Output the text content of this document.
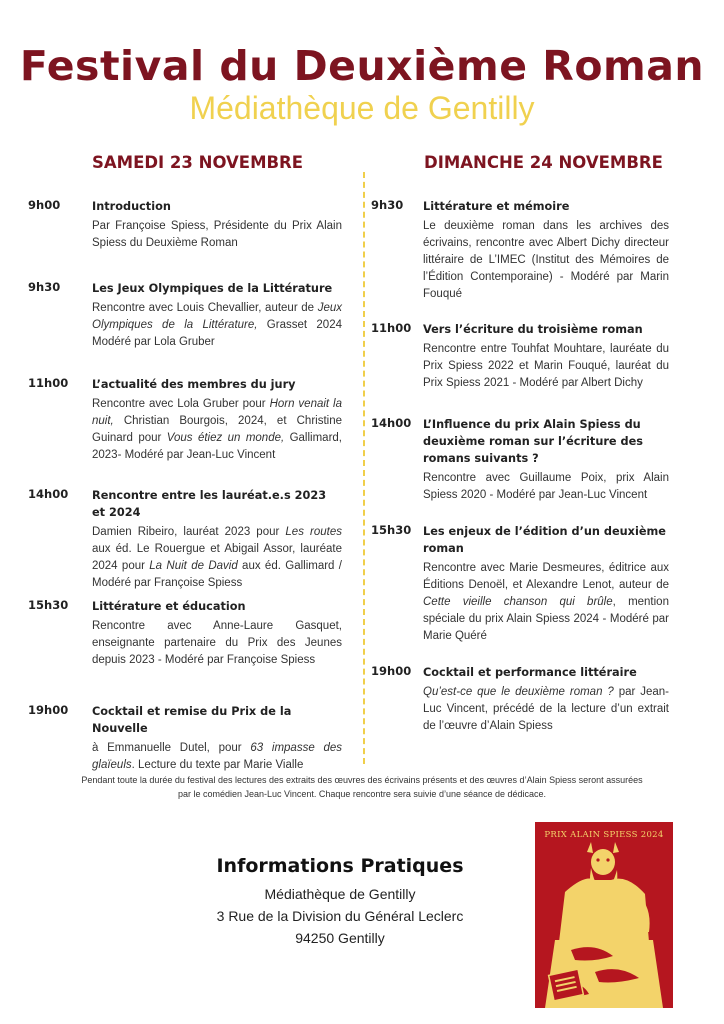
Festival du Deuxième Roman
Médiathèque de Gentilly
SAMEDI 23 NOVEMBRE	DIMANCHE 24 NOVEMBRE
9h00	Introduction
Par Françoise Spiess, Présidente du Prix Alain Spiess du Deuxième Roman
9h30	Les Jeux Olympiques de la Littérature
Rencontre avec Louis Chevallier, auteur de Jeux Olympiques de la Littérature, Grasset 2024 Modéré par Lola Gruber
11h00	L’actualité des membres du jury
Rencontre avec Lola Gruber pour Horn venait la nuit, Christian Bourgois, 2024, et Christine Guinard pour Vous étiez un monde, Gallimard, 2023- Modéré par Jean-Luc Vincent
14h00	Rencontre entre les lauréat.e.s 2023 et 2024
Damien Ribeiro, lauréat 2023 pour Les routes aux éd. Le Rouergue et Abigail Assor, lauréate 2024 pour La Nuit de David aux éd. Gallimard / Modéré par Françoise Spiess
15h30	Littérature et éducation
Rencontre avec Anne-Laure Gasquet, enseignante partenaire du Prix des Jeunes depuis 2023 - Modéré par Françoise Spiess
19h00	Cocktail et remise du Prix de la Nouvelle
à Emmanuelle Dutel, pour 63 impasse des glaïeuls. Lecture du texte par Marie Vialle
9h30	Littérature et mémoire
Le deuxième roman dans les archives des écrivains, rencontre avec Albert Dichy directeur littéraire de L’IMEC (Institut des Mémoires de l’Édition Contemporaine) - Modéré par Marin Fouqué
11h00	Vers l’écriture du troisième roman
Rencontre entre Touhfat Mouhtare, lauréate du Prix Spiess 2022 et Marin Fouqué, lauréat du Prix Spiess 2021 - Modéré par Albert Dichy
14h00	L’Influence du prix Alain Spiess du deuxième roman sur l’écriture des romans suivants ?
Rencontre avec Guillaume Poix, prix Alain Spiess 2020 - Modéré par Jean-Luc Vincent
15h30	Les enjeux de l’édition d’un deuxième roman
Rencontre avec Marie Desmeures, éditrice aux Éditions Denoël, et Alexandre Lenot, auteur de Cette vieille chanson qui brûle, mention spéciale du prix Alain Spiess 2024 - Modéré par Marie Quéré
19h00	Cocktail et performance littéraire
Qu’est-ce que le deuxième roman ? par Jean-Luc Vincent, précédé de la lecture d’un extrait de l’œuvre d’Alain Spiess
Pendant toute la durée du festival des lectures des extraits des œuvres des écrivains présents et des œuvres d’Alain Spiess seront assurées par le comédien Jean-Luc Vincent. Chaque rencontre sera suivie d’une séance de dédicace.
Informations Pratiques
Médiathèque de Gentilly
3 Rue de la Division du Général Leclerc
94250 Gentilly
PRIX ALAIN SPIESS 2024
